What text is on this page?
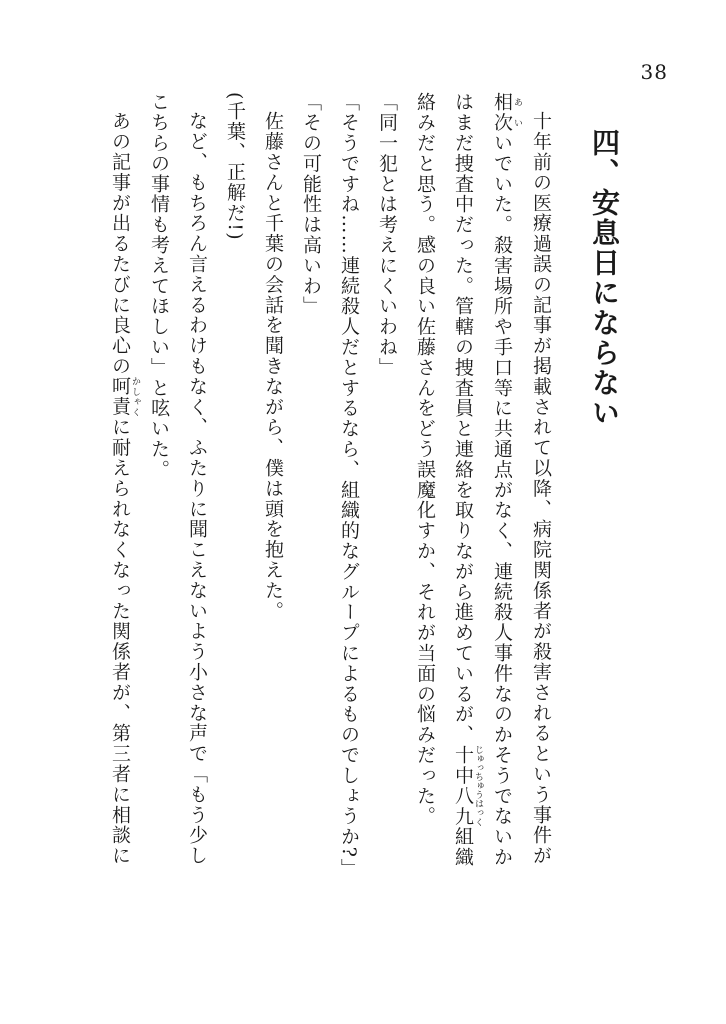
38
四、安息日にならない
十年前の医療過誤の記事が掲載されて以降、病院関係者が殺害されるという事件が
相次 あいいでいた。殺害場所や手口等に共通点がなく、連続殺人事件なのかそうでないか
はまだ捜査中だった。管轄の捜査員と連絡を取りながら進めているが、十中八九 じゅっちゅうはっく組織
絡みだと思う。感の良い佐藤さんをどう誤魔化すか、それが当面の悩みだった。
「同一犯とは考えにくいわね」
「そうですね……連続殺人だとするなら、組織的なグループによるものでしょうか?」
「その可能性は高いわ」
佐藤さんと千葉の会話を聞きながら、僕は頭を抱えた。
(千葉、正解だ!)
など、もちろん言えるわけもなく、ふたりに聞こえないよう小さな声で「もう少し
こちらの事情も考えてほしい」と呟いた。
あの記事が出るたびに良心の呵責 かしゃくに耐えられなくなった関係者が、第三者に相談に
